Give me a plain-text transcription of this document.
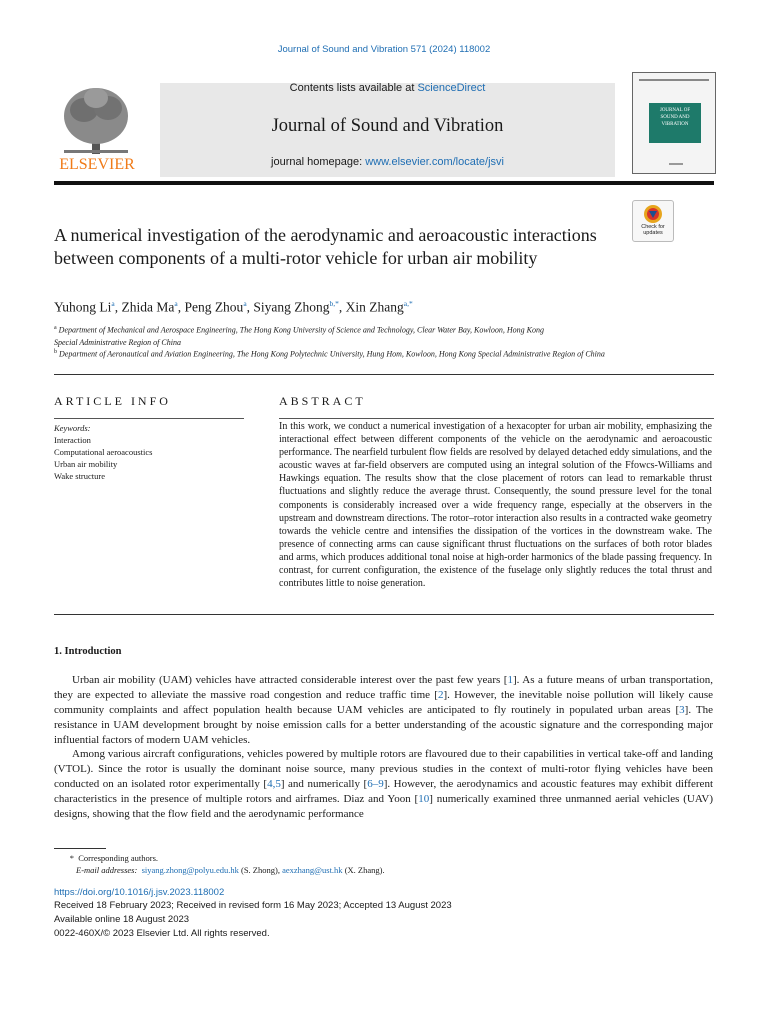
Journal of Sound and Vibration 571 (2024) 118002
ELSEVIER
Contents lists available at ScienceDirect
Journal of Sound and Vibration
journal homepage: www.elsevier.com/locate/jsvi
JOURNAL OF
SOUND AND
VIBRATION
Check for
updates
A numerical investigation of the aerodynamic and aeroacoustic interactions between components of a multi-rotor vehicle for urban air mobility
Yuhong Li$^a$, Zhida Ma$^a$, Peng Zhou$^a$, Siyang Zhong$^{b,*}$, Xin Zhang$^{a,*}$
$^a$ Department of Mechanical and Aerospace Engineering, The Hong Kong University of Science and Technology, Clear Water Bay, Kowloon, Hong Kong Special Administrative Region of China
$^b$ Department of Aeronautical and Aviation Engineering, The Hong Kong Polytechnic University, Hung Hom, Kowloon, Hong Kong Special Administrative Region of China
ARTICLE INFO
Keywords:
Interaction
Computational aeroacoustics
Urban air mobility
Wake structure
ABSTRACT
In this work, we conduct a numerical investigation of a hexacopter for urban air mobility, emphasizing the interactional effect between different components of the vehicle on the aerodynamic and aeroacoustic performance. The nearfield turbulent flow fields are resolved by delayed detached eddy simulations, and the acoustic waves at far-field observers are computed using an integral solution of the Ffowcs-Williams and Hawkings equation. The results show that the close placement of rotors can lead to remarkable thrust fluctuations and slightly reduce the average thrust. Consequently, the sound pressure level for the tonal components is considerably increased over a wide frequency range, especially at the observers in the upstream and downstream directions. The rotor–rotor interaction also results in a contracted wake geometry towards the vehicle centre and intensifies the dissipation of the vortices in the downstream wake. The presence of connecting arms can cause significant thrust fluctuations on the surfaces of both rotor blades and arms, which produces additional tonal noise at high-order harmonics of the blade passing frequency. In contrast, for current configuration, the existence of the fuselage only slightly reduces the total thrust and contributes little to noise generation.
1. Introduction
Urban air mobility (UAM) vehicles have attracted considerable interest over the past few years [1]. As a future means of urban transportation, they are expected to alleviate the massive road congestion and reduce traffic time [2]. However, the inevitable noise pollution will likely cause community complaints and affect population health because UAM vehicles are anticipated to fly routinely in populated urban areas [3]. The resistance in UAM development brought by noise emission calls for a better understanding of the acoustic signature and the corresponding major influential factors of modern UAM vehicles.
Among various aircraft configurations, vehicles powered by multiple rotors are flavoured due to their capabilities in vertical take-off and landing (VTOL). Since the rotor is usually the dominant noise source, many previous studies in the context of multi-rotor flying vehicles have been conducted on an isolated rotor experimentally [4,5] and numerically [6–9]. However, the aerodynamics and acoustic features may exhibit different characteristics in the presence of multiple rotors and airframes. Diaz and Yoon [10] numerically examined three unmanned aerial vehicles (UAV) designs, showing that the flow field and the aerodynamic performance
* Corresponding authors.
E-mail addresses: siyang.zhong@polyu.edu.hk (S. Zhong), aexzhang@ust.hk (X. Zhang).
https://doi.org/10.1016/j.jsv.2023.118002
Received 18 February 2023; Received in revised form 16 May 2023; Accepted 13 August 2023
Available online 18 August 2023
0022-460X/© 2023 Elsevier Ltd. All rights reserved.
